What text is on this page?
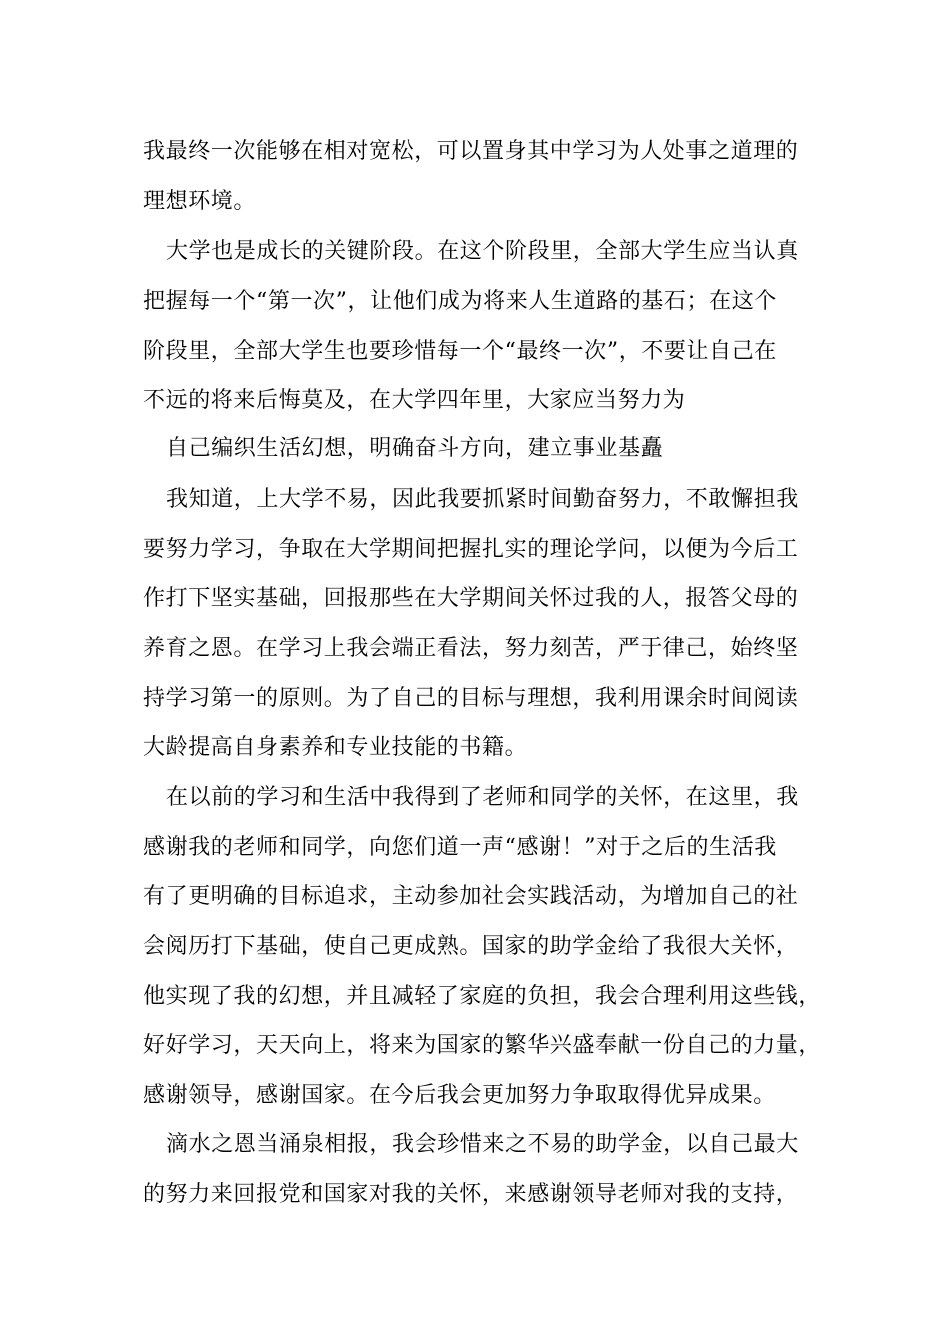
我最终一次能够在相对宽松，可以置身其中学习为人处事之道理的
理想环境。
大学也是成长的关键阶段。在这个阶段里，全部大学生应当认真
把握每一个“第一次”，让他们成为将来人生道路的基石；在这个
阶段里，全部大学生也要珍惜每一个“最终一次”，不要让自己在
不远的将来后悔莫及，在大学四年里，大家应当努力为
自己编织生活幻想，明确奋斗方向，建立事业基矗
我知道，上大学不易，因此我要抓紧时间勤奋努力，不敢懈担我
要努力学习，争取在大学期间把握扎实的理论学问，以便为今后工
作打下坚实基础，回报那些在大学期间关怀过我的人，报答父母的
养育之恩。在学习上我会端正看法，努力刻苦，严于律己，始终坚
持学习第一的原则。为了自己的目标与理想，我利用课余时间阅读
大龄提高自身素养和专业技能的书籍。
在以前的学习和生活中我得到了老师和同学的关怀，在这里，我
感谢我的老师和同学，向您们道一声“感谢！”对于之后的生活我
有了更明确的目标追求，主动参加社会实践活动，为增加自己的社
会阅历打下基础，使自己更成熟。国家的助学金给了我很大关怀，
他实现了我的幻想，并且减轻了家庭的负担，我会合理利用这些钱，
好好学习，天天向上，将来为国家的繁华兴盛奉献一份自己的力量，
感谢领导，感谢国家。在今后我会更加努力争取取得优异成果。
滴水之恩当涌泉相报，我会珍惜来之不易的助学金，以自己最大
的努力来回报党和国家对我的关怀，来感谢领导老师对我的支持，
